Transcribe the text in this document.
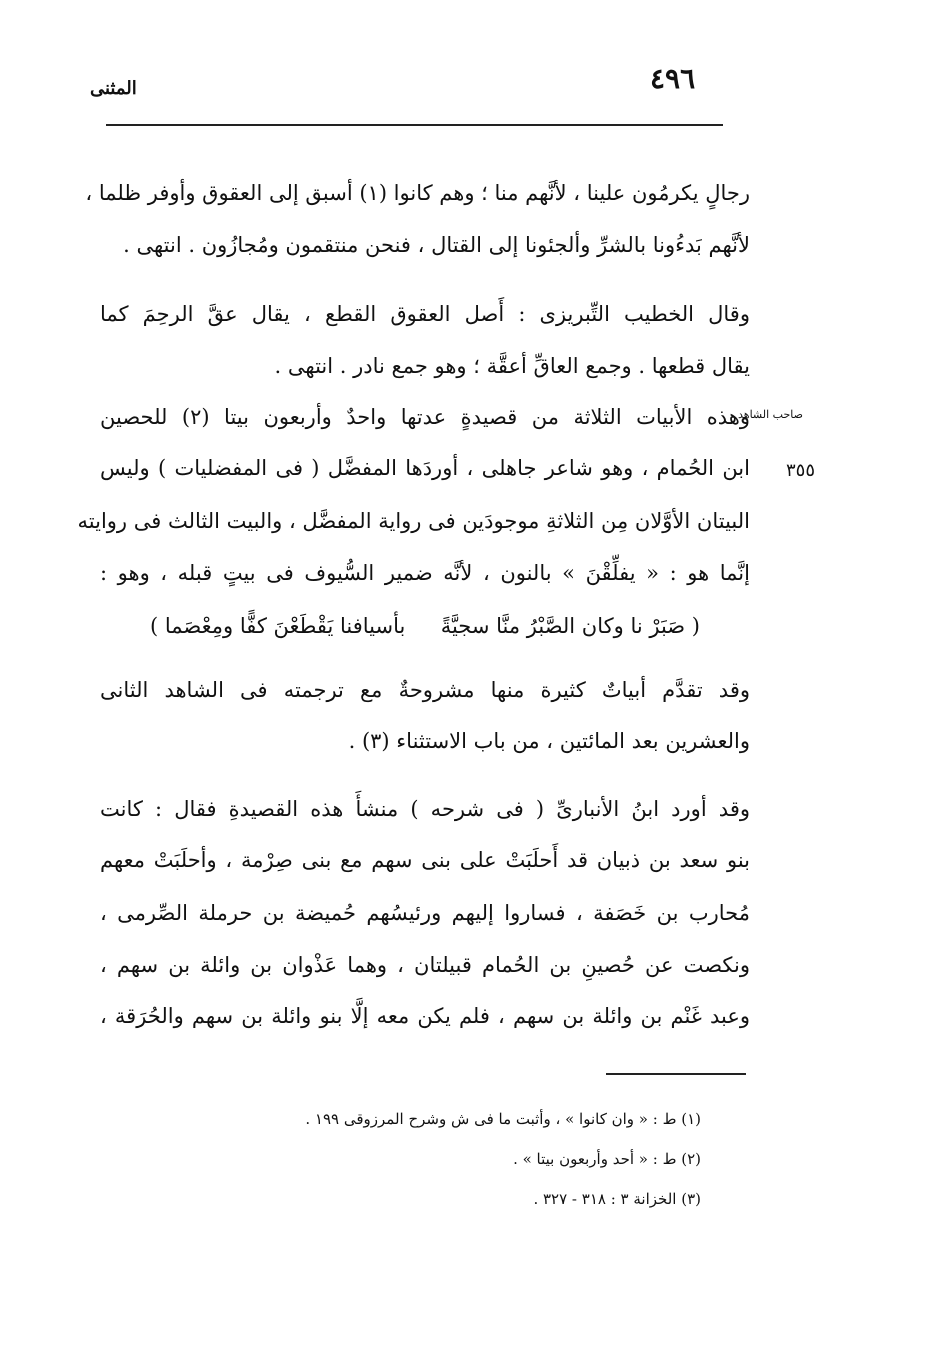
٤٩٦
المثنى
رجالٍ يكرمُون علينا ، لأنَّهم منا ؛ وهم كانوا (١) أسبق إلى العقوق وأوفر ظلما ،
لأنَّهم بَدءُونا بالشرِّ وألجئونا إلى القتال ، فنحن منتقمون ومُجازُون . انتهى .
وقال الخطيب التِّبريزى : أَصل العقوق القطع ، يقال عقَّ الرحِمَ كما
يقال قطعها . وجمع العاقِّ أعقَّة ؛ وهو جمع نادر . انتهى .
صاحب الشاهد
٣٥٥
وهذه الأبيات الثلاثة من قصيدةٍ عدتها واحدٌ وأربعون بيتا (٢) للحصين
ابن الحُمام ، وهو شاعر جاهلى ، أوردَها المفضَّل ( فى المفضليات ) وليس
البيتان الأوَّلان مِن الثلاثةِ موجودَين فى رواية المفضَّل ، والبيت الثالث فى روايته
إنَّما هو : « يفلِّقْنَ » بالنون ، لأنَّه ضمير السُّيوف فى بيتٍ قبله ، وهو :
( صَبَرْ نا وكان الصَّبْرُ منَّا سجيَّةً
بأسيافنا يَقْطَعْنَ كفًّا ومِعْصَما )
وقد تقدَّم أبياتٌ كثيرة منها مشروحةٌ مع ترجمته فى الشاهد الثانى
والعشرين بعد المائتين ، من باب الاستثناء (٣) .
وقد أورد ابنُ الأنبارىِّ ( فى شرحه ) منشأَ هذه القصيدةِ فقال : كانت
بنو سعد بن ذبيان قد أَحلَبَتْ على بنى سهم مع بنى صِرْمة ، وأحلَبَتْ معهم
مُحارب بن خَصَفة ، فساروا إليهم ورئيسُهم حُميضة بن حرملة الصِّرمى ،
ونكصت عن حُصينِ بن الحُمام قبيلتان ، وهما عَذْوان بن وائلة بن سهم ،
وعبد غَنْم بن وائلة بن سهم ، فلم يكن معه إلَّا بنو وائلة بن سهم والحُرَقة ،
(١) ط : « وان كانوا » ، وأثبت ما فى ش وشرح المرزوقى ١٩٩ .
(٢) ط : « أحد وأربعون بيتا » .
(٣) الخزانة ٣ : ٣١٨ - ٣٢٧ .
